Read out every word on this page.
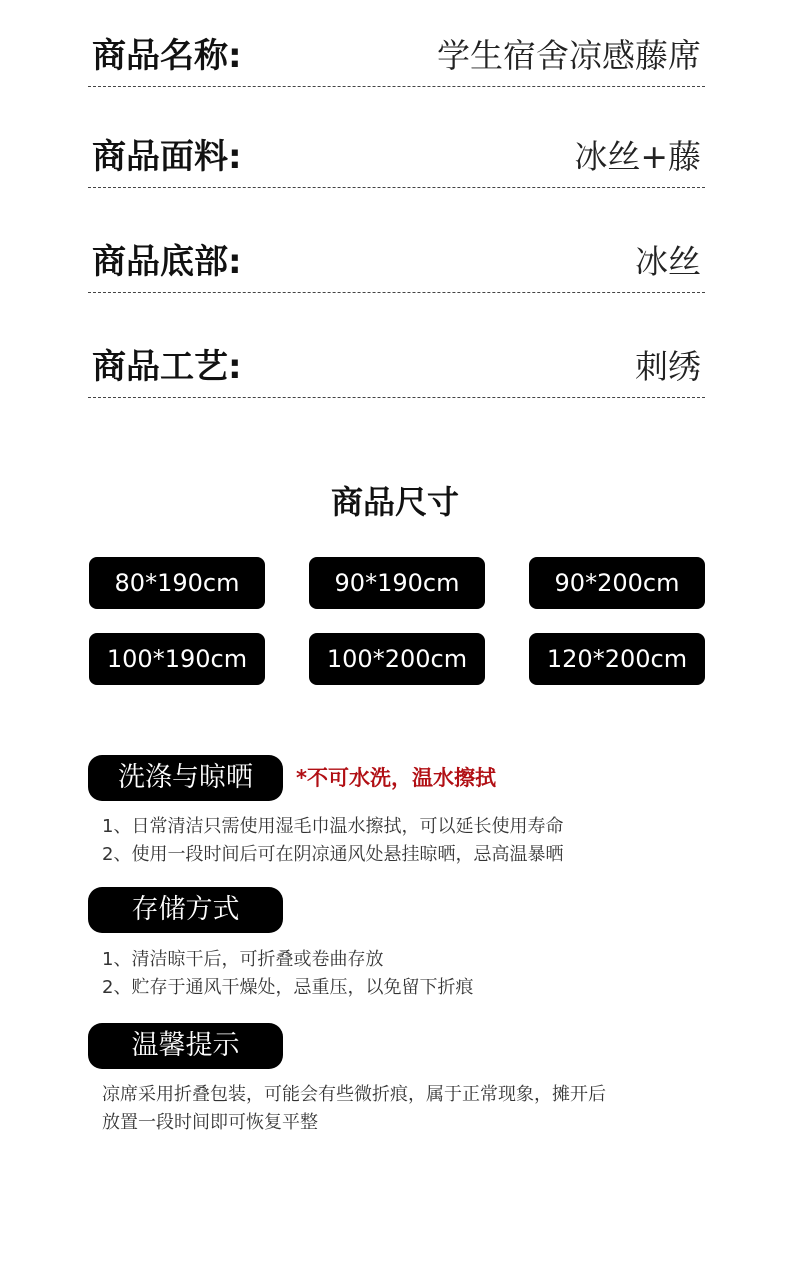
商品名称:	学生宿舍凉感藤席
商品面料:	冰丝+藤
商品底部:	冰丝
商品工艺:	刺绣
商品尺寸
80*190cm	90*190cm	90*200cm
100*190cm	100*200cm	120*200cm
洗涤与晾晒	*不可水洗，温水擦拭
1、日常清洁只需使用湿毛巾温水擦拭，可以延长使用寿命
2、使用一段时间后可在阴凉通风处悬挂晾晒，忌高温暴晒
存储方式
1、清洁晾干后，可折叠或卷曲存放
2、贮存于通风干燥处，忌重压，以免留下折痕
温馨提示
凉席采用折叠包装，可能会有些微折痕，属于正常现象，摊开后
放置一段时间即可恢复平整
